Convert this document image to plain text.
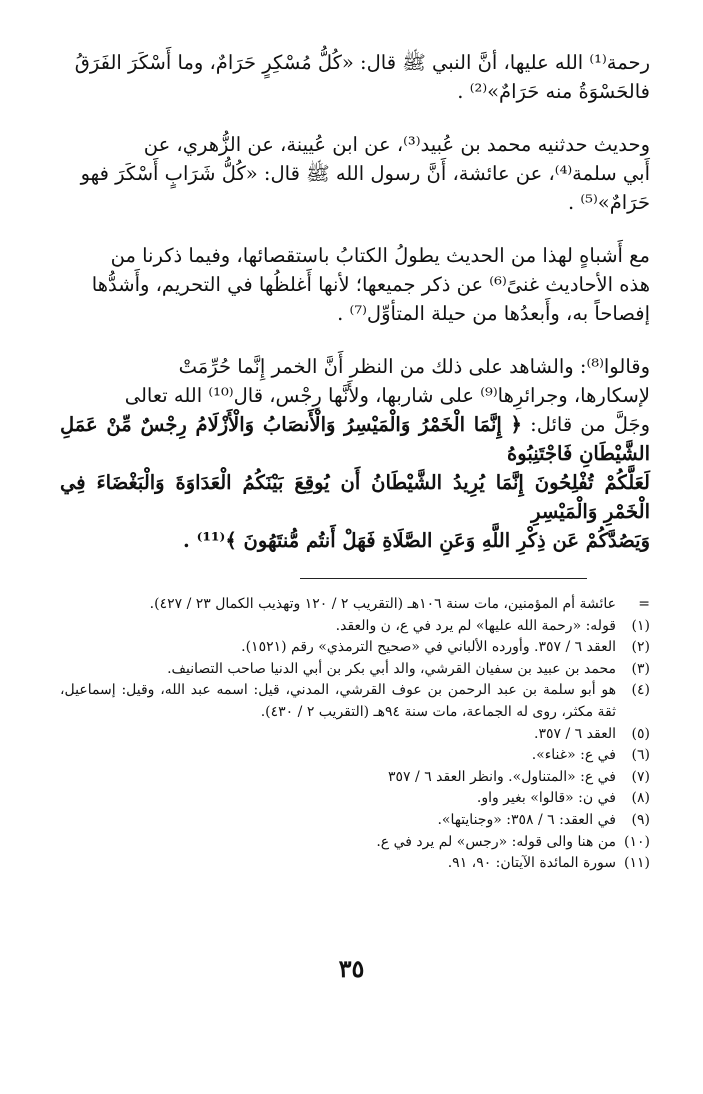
رحمة⁽¹⁾ الله عليها، أنَّ النبي ﷺ قال: «كُلُّ مُسْكِرٍ حَرَامٌ، وما أَسْكَرَ الفَرَقُ

فالحَسْوَةُ منه حَرَامٌ»⁽²⁾ .

وحديث حدثنيه محمد بن عُبيد⁽³⁾، عن ابن عُيينة، عن الزُّهري، عن

أَبي سلمة⁽⁴⁾، عن عائشة، أَنَّ رسول الله ﷺ قال: «كُلُّ شَرَابٍ أَسْكَرَ فهو

حَرَامٌ»⁽⁵⁾ .

مع أَشباهٍ لهذا من الحديث يطولُ الكتابُ باستقصائها، وفيما ذكرنا من

هذه الأحاديث غنىً⁽⁶⁾ عن ذكر جميعها؛ لأنها أَغلظُها في التحريم، وأَشدُّها

إفصاحاً به، وأَبعدُها من حيلة المتأوِّل⁽⁷⁾ .

وقالوا⁽⁸⁾: والشاهد على ذلك من النظر أَنَّ الخمر إِنَّما حُرِّمَتْ

لإسكارها، وجرائرِها⁽⁹⁾ على شاربها، ولأَنَّها رِجْس، قال⁽¹⁰⁾ الله تعالى

وجَلَّ من قائل: ﴿ إِنَّمَا الْخَمْرُ وَالْمَيْسِرُ وَالْأَنصَابُ وَالْأَزْلَامُ رِجْسٌ مِّنْ عَمَلِ الشَّيْطَانِ فَاجْتَنِبُوهُ

لَعَلَّكُمْ تُفْلِحُونَ إِنَّمَا يُرِيدُ الشَّيْطَانُ أَن يُوقِعَ بَيْنَكُمُ الْعَدَاوَةَ وَالْبَغْضَاءَ فِي الْخَمْرِ وَالْمَيْسِرِ

وَيَصُدَّكُمْ عَن ذِكْرِ اللَّهِ وَعَنِ الصَّلَاةِ فَهَلْ أَنتُم مُّنتَهُونَ ﴾⁽¹¹⁾ .

=
عائشة أم المؤمنين، مات سنة ١٠٦هـ (التقريب ٢ / ١٢٠ وتهذيب الكمال ٢٣ / ٤٢٧).
(١)
قوله: «رحمة الله عليها» لم يرد في ع، ن والعقد.
(٢)
العقد ٦ / ٣٥٧. وأورده الألباني في «صحيح الترمذي» رقم (١٥٢١).
(٣)
محمد بن عبيد بن سفيان القرشي، والد أبي بكر بن أبي الدنيا صاحب التصانيف.
(٤)
هو أبو سلمة بن عبد الرحمن بن عوف القرشي، المدني، قيل: اسمه عبد الله، وقيل: إسماعيل، ثقة مكثر، روى له الجماعة، مات سنة ٩٤هـ (التقريب ٢ / ٤٣٠).
(٥)
العقد ٦ / ٣٥٧.
(٦)
في ع: «غناء».
(٧)
في ع: «المتناول». وانظر العقد ٦ / ٣٥٧
(٨)
في ن: «قالوا» بغير واو.
(٩)
في العقد: ٦ / ٣٥٨: «وجنايتها».
(١٠)
من هنا والى قوله: «رجس» لم يرد في ع.
(١١)
سورة المائدة الآيتان: ٩٠، ٩١.
٣٥
